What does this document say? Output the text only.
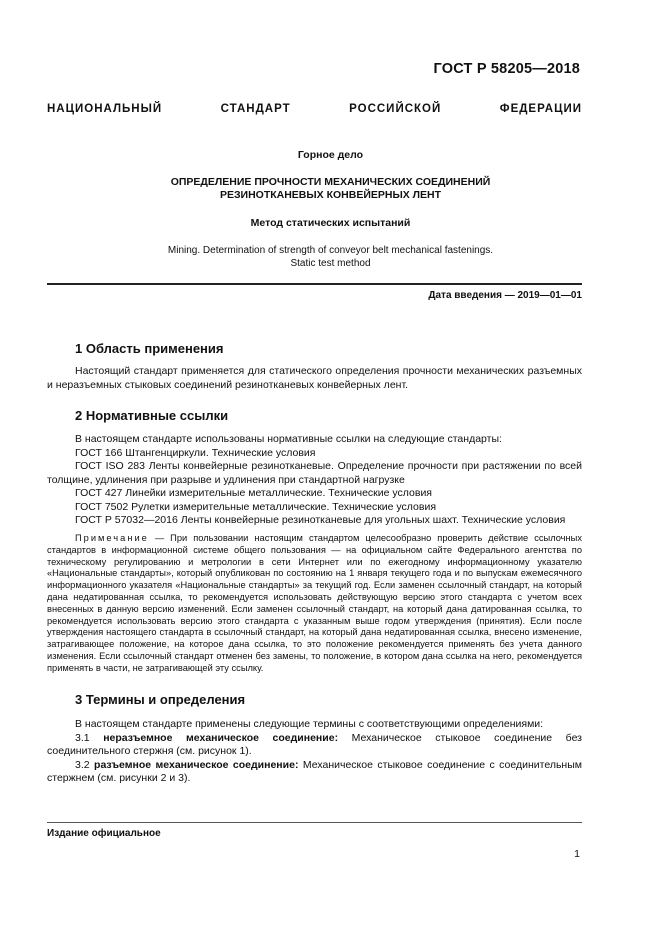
ГОСТ Р 58205—2018
НАЦИОНАЛЬНЫЙ СТАНДАРТ РОССИЙСКОЙ ФЕДЕРАЦИИ
Горное дело
ОПРЕДЕЛЕНИЕ ПРОЧНОСТИ МЕХАНИЧЕСКИХ СОЕДИНЕНИЙ
РЕЗИНОТКАНЕВЫХ КОНВЕЙЕРНЫХ ЛЕНТ
Метод статических испытаний
Mining. Determination of strength of conveyor belt mechanical fastenings.
Static test method
Дата введения — 2019—01—01
1 Область применения

Настоящий стандарт применяется для статического определения прочности механических разъемных и неразъемных стыковых соединений резинотканевых конвейерных лент.

2 Нормативные ссылки

В настоящем стандарте использованы нормативные ссылки на следующие стандарты:

ГОСТ 166 Штангенциркули. Технические условия

ГОСТ ISO 283 Ленты конвейерные резинотканевые. Определение прочности при растяжении по всей толщине, удлинения при разрыве и удлинения при стандартной нагрузке

ГОСТ 427 Линейки измерительные металлические. Технические условия

ГОСТ 7502 Рулетки измерительные металлические. Технические условия

ГОСТ Р 57032—2016 Ленты конвейерные резинотканевые для угольных шахт. Технические условия

Примечание — При пользовании настоящим стандартом целесообразно проверить действие ссылочных стандартов в информационной системе общего пользования — на официальном сайте Федерального агентства по техническому регулированию и метрологии в сети Интернет или по ежегодному информационному указателю «Национальные стандарты», который опубликован по состоянию на 1 января текущего года и по выпускам ежемесячного информационного указателя «Национальные стандарты» за текущий год. Если заменен ссылочный стандарт, на который дана недатированная ссылка, то рекомендуется использовать действующую версию этого стандарта с учетом всех внесенных в данную версию изменений. Если заменен ссылочный стандарт, на который дана датированная ссылка, то рекомендуется использовать версию этого стандарта с указанным выше годом утверждения (принятия). Если после утверждения настоящего стандарта в ссылочный стандарт, на который дана недатированная ссылка, внесено изменение, затрагивающее положение, на которое дана ссылка, то это положение рекомендуется применять без учета данного изменения. Если ссылочный стандарт отменен без замены, то положение, в котором дана ссылка на него, рекомендуется применять в части, не затрагивающей эту ссылку.

3 Термины и определения

В настоящем стандарте применены следующие термины с соответствующими определениями:

3.1 неразъемное механическое соединение: Механическое стыковое соединение без соединительного стержня (см. рисунок 1).

3.2 разъемное механическое соединение: Механическое стыковое соединение с соединительным стержнем (см. рисунки 2 и 3).

Издание официальное
1
